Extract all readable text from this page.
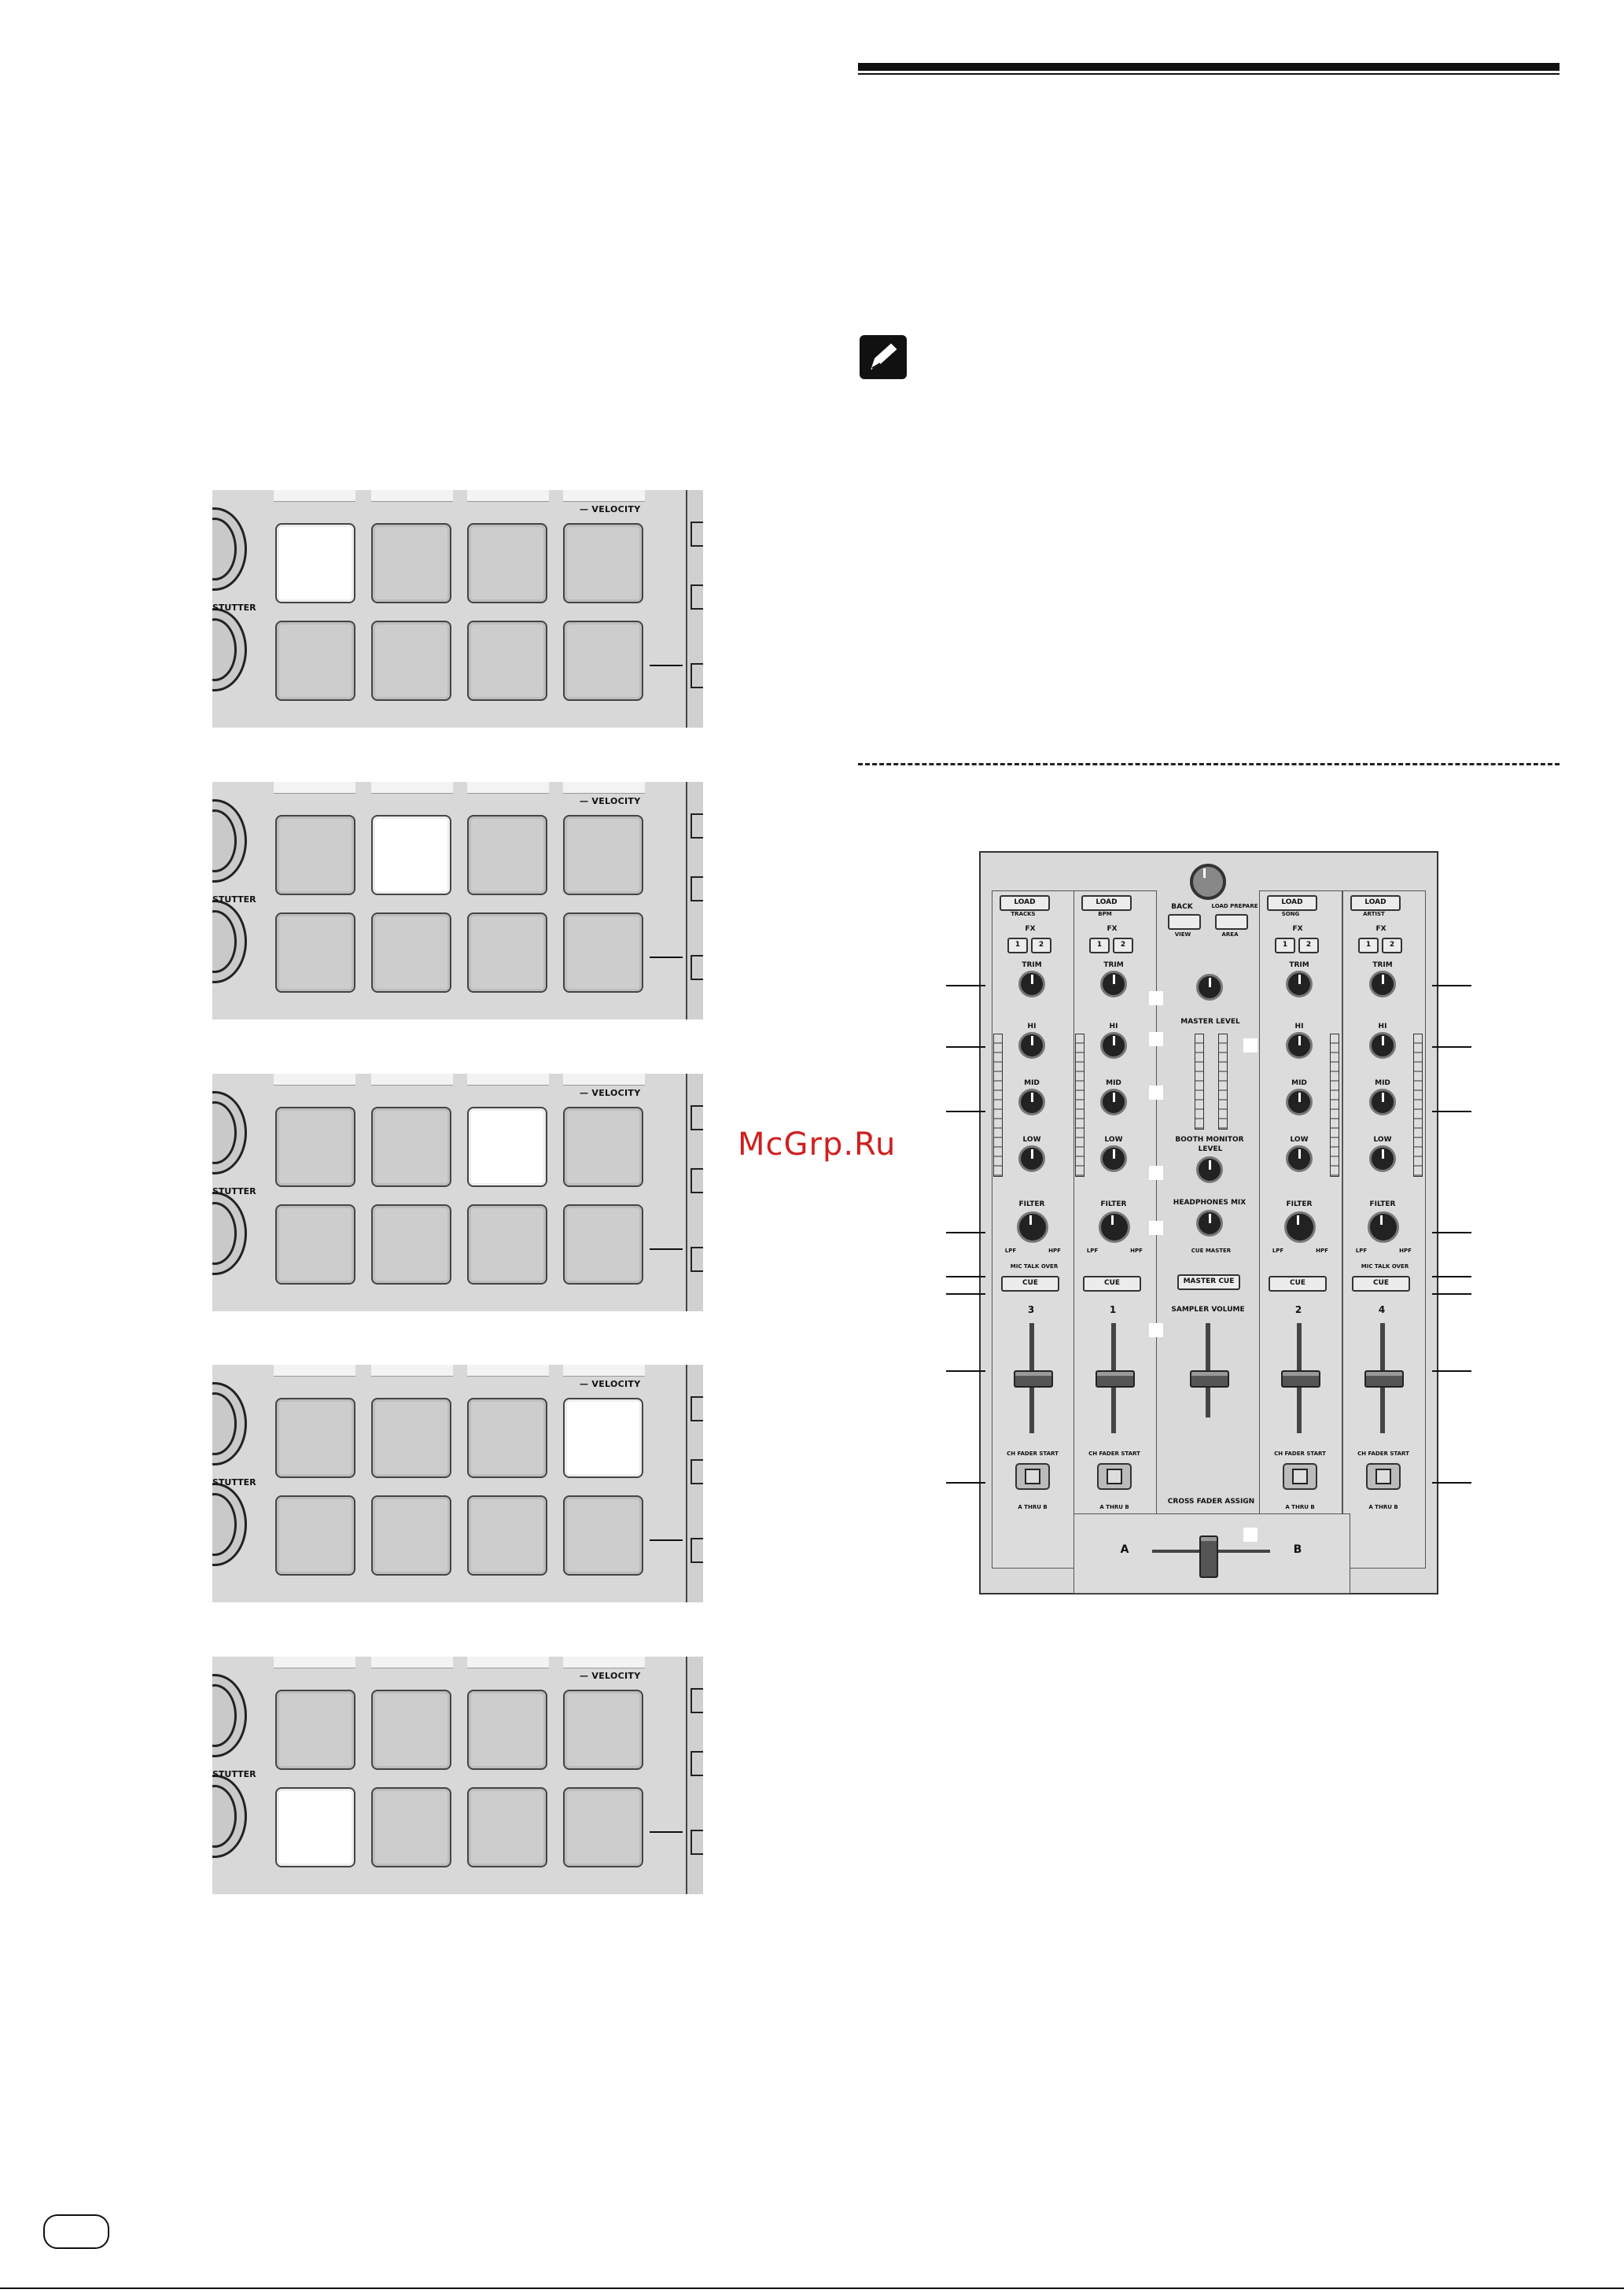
McGrp.Ru
— VELOCITY
STUTTER
— VELOCITY
STUTTER
— VELOCITY
STUTTER
— VELOCITY
STUTTER
— VELOCITY
STUTTER
LOAD
TRACKS
FX
1	2
TRIM
HI
MID
LOW
FILTER
LPF	HPF
CUE
3
CH FADER START
A THRU B
LOAD
BPM
FX
1	2
TRIM
HI
MID
LOW
FILTER
LPF	HPF
CUE
1
CH FADER START
A THRU B
LOAD
SONG
FX
1	2
TRIM
HI
MID
LOW
FILTER
LPF	HPF
CUE
2
CH FADER START
A THRU B
LOAD
ARTIST
FX
1	2
TRIM
HI
MID
LOW
FILTER
LPF	HPF
CUE
4
CH FADER START
A THRU B
MIC TALK OVER	MIC TALK OVER
BACK	LOAD PREPARE
VIEW	AREA
MASTER LEVEL
BOOTH MONITOR
LEVEL
HEADPHONES MIX
CUE MASTER
MASTER CUE
SAMPLER VOLUME
CROSS FADER ASSIGN
A	B
